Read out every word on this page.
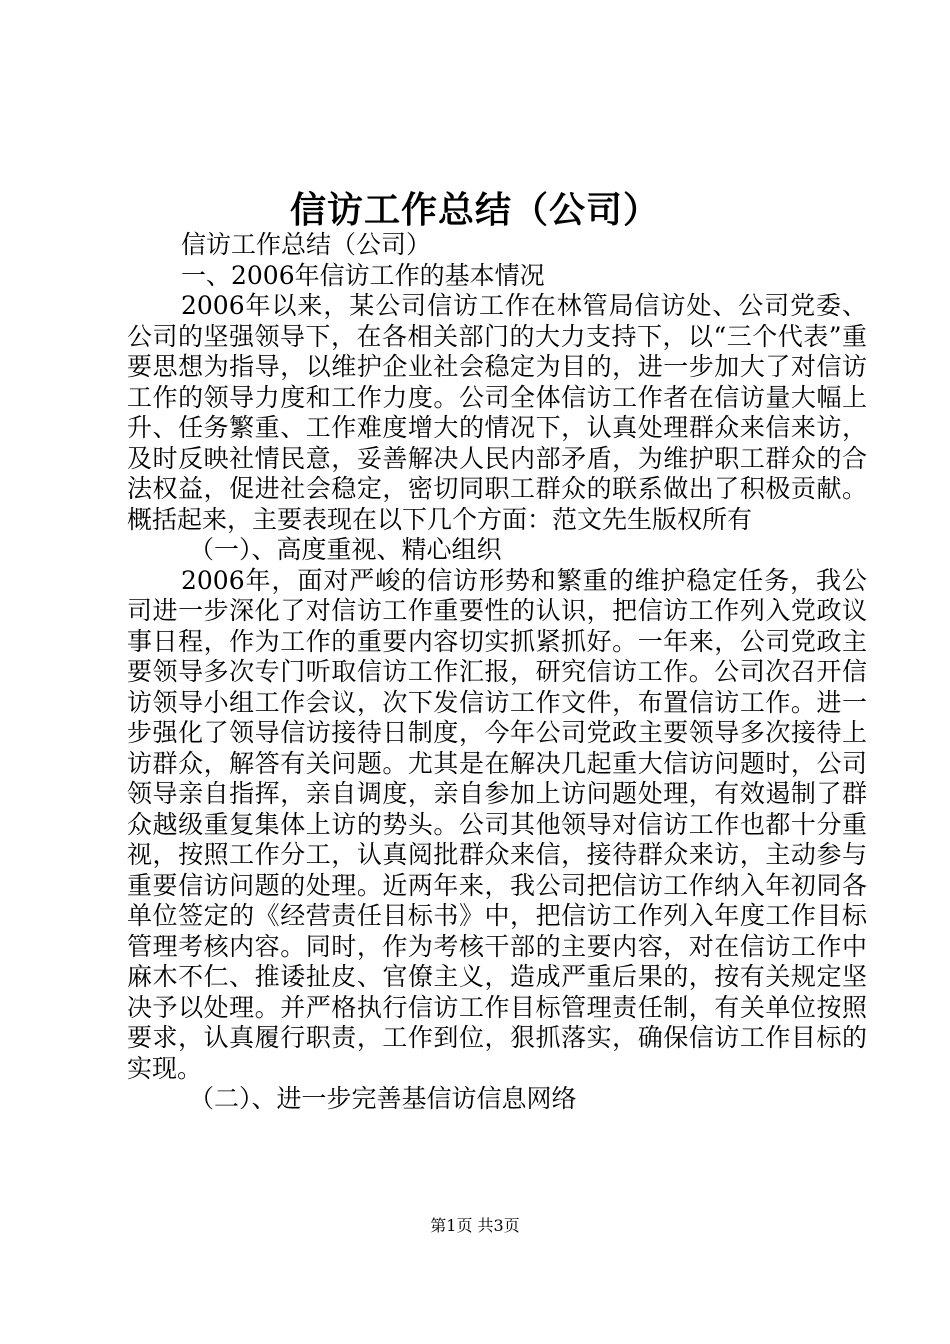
信访工作总结（公司）

信访工作总结（公司）

一、2006年信访工作的基本情况

2006年以来，某公司信访工作在林管局信访处、公司党委、公司的坚强领导下，在各相关部门的大力支持下，以“三个代表”重要思想为指导，以维护企业社会稳定为目的，进一步加大了对信访工作的领导力度和工作力度。公司全体信访工作者在信访量大幅上升、任务繁重、工作难度增大的情况下，认真处理群众来信来访，及时反映社情民意，妥善解决人民内部矛盾，为维护职工群众的合法权益，促进社会稳定，密切同职工群众的联系做出了积极贡献。概括起来，主要表现在以下几个方面：范文先生版权所有

（一）、高度重视、精心组织

2006年，面对严峻的信访形势和繁重的维护稳定任务，我公司进一步深化了对信访工作重要性的认识，把信访工作列入党政议事日程，作为工作的重要内容切实抓紧抓好。一年来，公司党政主要领导多次专门听取信访工作汇报，研究信访工作。公司次召开信访领导小组工作会议，次下发信访工作文件，布置信访工作。进一步强化了领导信访接待日制度，今年公司党政主要领导多次接待上访群众，解答有关问题。尤其是在解决几起重大信访问题时，公司领导亲自指挥，亲自调度，亲自参加上访问题处理，有效遏制了群众越级重复集体上访的势头。公司其他领导对信访工作也都十分重视，按照工作分工，认真阅批群众来信，接待群众来访，主动参与重要信访问题的处理。近两年来，我公司把信访工作纳入年初同各单位签定的《经营责任目标书》中，把信访工作列入年度工作目标管理考核内容。同时，作为考核干部的主要内容，对在信访工作中麻木不仁、推诿扯皮、官僚主义，造成严重后果的，按有关规定坚决予以处理。并严格执行信访工作目标管理责任制，有关单位按照要求，认真履行职责，工作到位，狠抓落实，确保信访工作目标的实现。

（二）、进一步完善基信访信息网络

第1页 共3页
